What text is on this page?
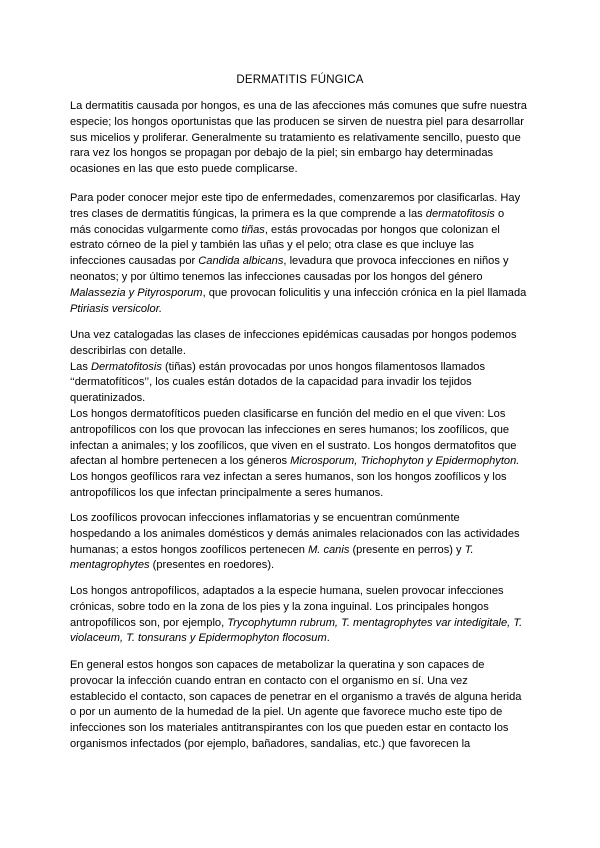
DERMATITIS FÚNGICA
La dermatitis causada por hongos, es una de las afecciones más comunes que sufre nuestra
especie; los hongos oportunistas que las producen se sirven de nuestra piel para desarrollar
sus micelios y proliferar. Generalmente su tratamiento es relativamente sencillo, puesto que
rara vez los hongos se propagan por debajo de la piel; sin embargo hay determinadas
ocasiones en las que esto puede complicarse.
Para poder conocer mejor este tipo de enfermedades, comenzaremos por clasificarlas. Hay
tres clases de dermatitis fúngicas, la primera es la que comprende a las dermatofitosis o
más conocidas vulgarmente como tiñas, estás provocadas por hongos que colonizan el
estrato córneo de la piel y también las uñas y el pelo; otra clase es que incluye las
infecciones causadas por Candida albicans, levadura que provoca infecciones en niños y
neonatos; y por último tenemos las infecciones causadas por los hongos del género
Malassezia y Pityrosporum, que provocan foliculitis y una infección crónica en la piel llamada
Ptiriasis versicolor.
Una vez catalogadas las clases de infecciones epidémicas causadas por hongos podemos
describirlas con detalle.
Las Dermatofitosis (tiñas) están provocadas por unos hongos filamentosos llamados
‘‘dermatofíticos’’, los cuales están dotados de la capacidad para invadir los tejidos
queratinizados.
Los hongos dermatofíticos pueden clasificarse en función del medio en el que viven: Los
antropofílicos con los que provocan las infecciones en seres humanos; los zoofílicos, que
infectan a animales; y los zoofílicos, que viven en el sustrato. Los hongos dermatofitos que
afectan al hombre pertenecen a los géneros Microsporum, Trichophyton y Epidermophyton.
Los hongos geofílicos rara vez infectan a seres humanos, son los hongos zoofílicos y los
antropofílicos los que infectan principalmente a seres humanos.
Los zoofílicos provocan infecciones inflamatorias y se encuentran comúnmente
hospedando a los animales domésticos y demás animales relacionados con las actividades
humanas; a estos hongos zoofílicos pertenecen M. canis (presente en perros) y T.
mentagrophytes (presentes en roedores).
Los hongos antropofílicos, adaptados a la especie humana, suelen provocar infecciones
crónicas, sobre todo en la zona de los pies y la zona inguinal. Los principales hongos
antropofílicos son, por ejemplo, Trycophytumn rubrum, T. mentagrophytes var intedigitale, T.
violaceum, T. tonsurans y Epidermophyton flocosum.
En general estos hongos son capaces de metabolizar la queratina y son capaces de
provocar la infección cuando entran en contacto con el organismo en sí. Una vez
establecido el contacto, son capaces de penetrar en el organismo a través de alguna herida
o por un aumento de la humedad de la piel. Un agente que favorece mucho este tipo de
infecciones son los materiales antitranspirantes con los que pueden estar en contacto los
organismos infectados (por ejemplo, bañadores, sandalias, etc.) que favorecen la
